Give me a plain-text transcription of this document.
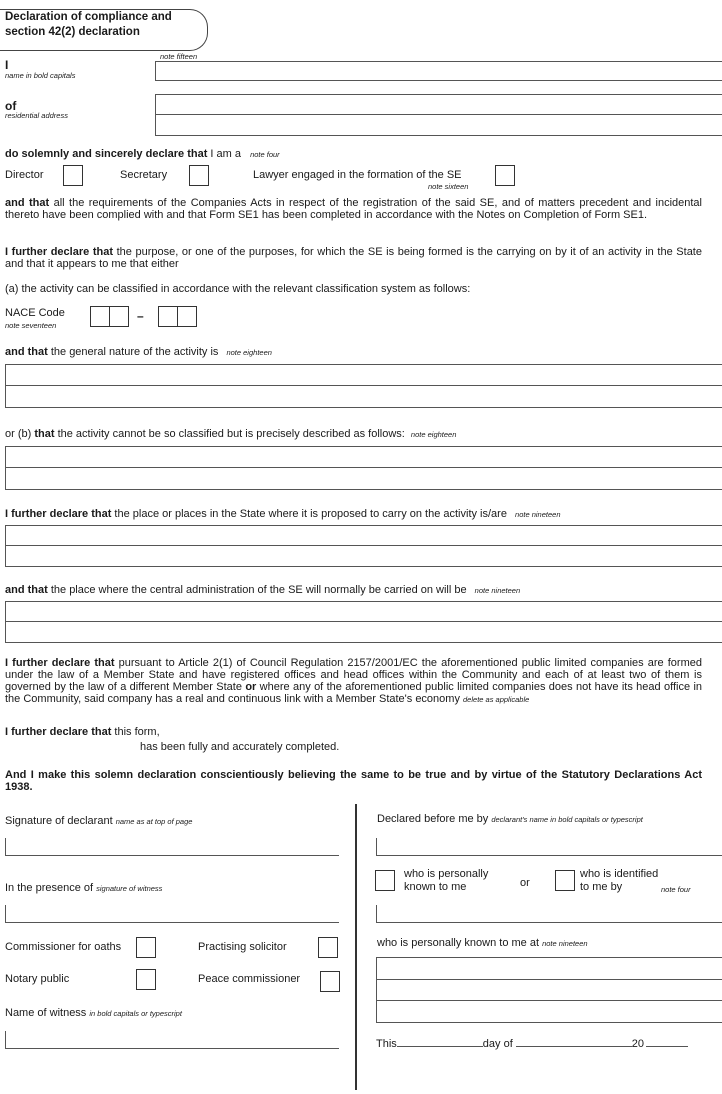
Declaration of compliance and
section 42(2) declaration
note fifteen
I
name in bold capitals
of
residential address
do solemnly and sincerely declare that I am a note four
Director	Secretary	Lawyer engaged in the formation of the SE
note sixteen
and that all the requirements of the Companies Acts in respect of the registration of the said SE, and of matters precedent and incidental thereto have been complied with and that Form SE1 has been completed in accordance with the Notes on Completion of Form SE1.
I further declare that the purpose, or one of the purposes, for which the SE is being formed is the carrying on by it of an activity in the State and that it appears to me that either
(a) the activity can be classified in accordance with the relevant classification system as follows:
NACE Code
note seventeen
–
and that the general nature of the activity is note eighteen
or (b) that the activity cannot be so classified but is precisely described as follows: note eighteen
I further declare that the place or places in the State where it is proposed to carry on the activity is/are note nineteen
and that the place where the central administration of the SE will normally be carried on will be note nineteen
I further declare that pursuant to Article 2(1) of Council Regulation 2157/2001/EC the aforementioned public limited companies are formed under the law of a Member State and have registered offices and head offices within the Community and each of at least two of them is governed by the law of a different Member State or where any of the aforementioned public limited companies does not have its head office in the Community, said company has a real and continuous link with a Member State's economy delete as applicable
I further declare that this form,
has been fully and accurately completed.
And I make this solemn declaration conscientiously believing the same to be true and by virtue of the Statutory Declarations Act 1938.
Signature of declarant name as at top of page
In the presence of signature of witness
Commissioner for oaths	Practising solicitor
Notary public	Peace commissioner
Name of witness in bold capitals or typescript
Declared before me by declarant's name in bold capitals or typescript
who is personally
known to me	or
who is identified
to me by	note four
who is personally known to me at note nineteen
This	day of	20
